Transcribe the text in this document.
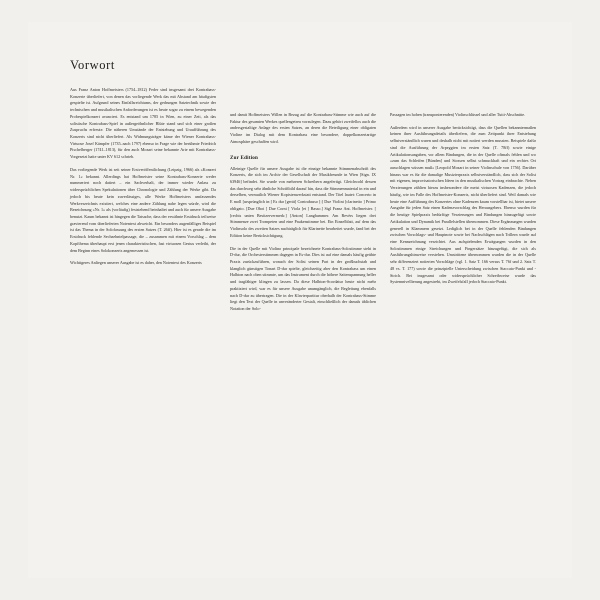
Vorwort

Aus Franz Anton Hoffmeisters (1754–1812) Feder sind insgesamt drei Kontrabass-Konzerte überliefert, von denen das vorliegende Werk das mit Abstand am häufigsten gespielte ist. Aufgrund seines Einfallsreichtums, der gedrungen Satztechnik sowie der technischen und musikalischen Anforderungen ist es heute sogar zu einem bewegenden Probespielkonzert avanciert. Es entstand um 1785 in Wien, zu einer Zeit, als das solistische Kontrabass-Spiel in außergeöhnlicher Blüte stand und sich einer großen Zuspruchs erfreute. Die näheren Umstände der Entstehung und Uraufführung des Konzerts sind nicht überliefert. Als Widmungsträger käme der Wiener Kontrabass-Virtuose Josef Kämpfer (1735–nach 1797) ebenso in Frage wie der berühmte Friedrich Pischelberger (1741–1813), für den auch Mozart seine bekannte Arie mit Kontrabass-Vorgesetzt hatte unter KV 612 schrieb.

Das vorliegende Werk ist seit seiner Erstveröffentlichung (Leipzig, 1966) als »Konzert Nr. 1« bekannt. Allerdings hat Hoffmeister seine Kontrabass-Konzerte weder nummeriert noch datiert – ein Sachverhalt, der immer wieder Anlass zu widersprüchlichen Spekulationen über Chronologie und Zählung der Werke gibt. Da jedoch bis heute kein zuverlässiges, alle Werke Hoffmeisters umfassendes Werkverzeichnis existiert, welches eine andere Zählung nahe legen würde, wird die Bezeichnung »Nr. 1« als (vorläufig) feststehend beinhaltet und auch für unsere Ausgabe benutzt. Kaum bekannt ist hingegen die Tatsache, dass der erwähnte Erstdruck teilweise gravierend vom überlieferten Notentext abweicht. Ein besonders augenfälliges Beispiel ist das Thema in der Solofassung des ersten Satzes (T. 26ff). Hier ist es gerade die im Erstdruck fehlende Sechzehntelpassage, die – zusammen mit einem Vorschlag – dem Kopfthema überhaupt erst jenen charakteristischen, fast virtuosen Gestus verleiht, der dem Beginn eines Solokonzerts angemessen ist.

Wichtigeres Anliegen unserer Ausgabe ist es daher, den Notentext des Konzerts

und damit Hoffmeisters Willen in Bezug auf die Kontrabass-Stimme wie auch auf die Faktur des gesamten Werkes quellengetreu vorzulegen. Dazu gehört zweifellos auch die andersgestaltige Anlage des ersten Satzes, an deren die Beteiligung einer obligaten Violine im Dialog mit dem Kontrabass eine besondere, doppelkonzertartige Atmosphäre geschaffen wird.

Zur Edition

Alleinige Quelle für unsere Ausgabe ist die einzige bekannte Stimmenabschrift des Konzerts, die sich im Archiv der Gesellschaft der Musikfreunde in Wien [Sign. IX 63946] befindet. Sie wurde von mehreren Schreibern angefertigt. Gleichwohl dessen das durchweg sehr ähnliche Schriftbild darauf hin, dass die Stimmenmaterial in ein und derselben, vermutlich Wiener Kopistenwerkstatt entstand. Der Titel lautet: Concerto in E moll [ursprünglich in:] Es dur [gerät] Contrabasso [:] Due Violini [clarinetto ] Primo obligato. [Due Oboi ] Due Corni [ Viola [et ] Basso.] Sigl Franz Ant. Hoffmeister. [ [rechts unten Besitzervermerk:] [Anton] Langhammer. Am Revèrs liegen drei Stimmenze zwei Trompeten und eine Paukenstimme bei. Ein Einzelblatt, auf dem das Violinsolo des zweiten Satzes nachträglich für Klarinette bearbeitet wurde, fand bei der Edition keine Berücksichtigung.

Die in der Quelle mit Violino principale bezeichnete Kontrabass-Solostimme steht in D-dur, die Orchesterstimmen dagegen in Es-dur. Dies ist auf eine damals häufig geübte Praxis zurückzuführen, wonach der Solist seinen Part in der großbuchstab und klanglich günstigen Tonart D-dur spielte, gleichzeitig aber den Kontrabass um einen Halbton nach oben stimmte, um das Instrument durch die höhere Saitenspannung heller und tragfähiger klingen zu lassen. Da diese Halbton-Scordatur heute nicht mehr praktiziert wird, war es für unsere Ausgabe unumgänglich, die Begleitung ebenfalls nach D-dur zu übertragen. Die in der Klavierpartitur oberhalb der Kontrabass-Stimme liegt den Text der Quelle in unveränderter Gestalt, einschließlich der damals üblichen Notation der Solo-

Passagen im hohen (transponierenden) Violinschlüssel und aller Tutti-Abschnitte.

Außerdem wird in unserer Ausgabe berücksichtigt, dass die Quellen bekanntermaßen keinen ihrer Ausführungsdetails überliefern, die zum Zeitpunkt ihrer Entstehung selbstverständlich waren und deshalb nicht mit notiert werden mussten. Beispiele dafür sind die Ausführung der Arpeggien im ersten Satz (T. 78ff) sowie einige Artikulationsangaben, vor allem Bindungen, die in der Quelle oftmals fehlen und wo »zum das Schleifen [Bünden] und Stossen selbst schmuckhaft und ein rechtes Ort ausschlagen wüssen muß« [Leopold Mozart in seiner Violinschule von 1756]. Darüber hinaus war es für die damalige Musizierpraxis selbstverständlich, dass sich der Solist mit eigenen, improvisatorischen Ideen in den musikalischen Vortrag einbrachte. Neben Verzierungen zählten hierzu insbesondere die meist virtuosen Kadenzen, die jedoch häufig, wie im Falle des Hoffmeister-Konzerts, nicht überliefert sind. Weil damals wie heute eine Aufführung des Konzertes ohne Kadenzen kaum vorstellbar ist, bietet unsere Ausgabe für jeden Satz einen Kadenzvorschlag des Herausgebers. Ebenso wurden für die heutige Spielpraxis bedürftige Verzierungen und Bindungen hinzugefügt sowie Artikulation und Dynamik bei Parallelstellen übernommen. Diese Ergänzungen wurden generell in Klammern gesetzt. Lediglich bei in der Quelle fehlenden Bindungen zwischen Vorschlags- und Hauptnote sowie bei Nachschlägen nach Trillern wurde auf eine Kennzeichnung verzichtet. Aus aufspielenden Erwägungen wurden in den Solostimmen einige Streichungen und Fingersätze hinzugefügt, die sich als Ausführungshinweise verstehen. Umstrittene übernommen wurden die in der Quelle sehr differenziert notierten Vorschläge (vgl. 1. Satz T. 166 versus T. 76f und 2. Satz T. 48 vs. T. 177) sowie die prinzipielle Unterscheidung zwischen Staccato-Punkt und -Strich. Bei insgesamt oder widersprüchlicher Schreibweise wurde das Systemnivellierung angestrebt, im Zweifelsfall jedoch Staccato-Punkt.
